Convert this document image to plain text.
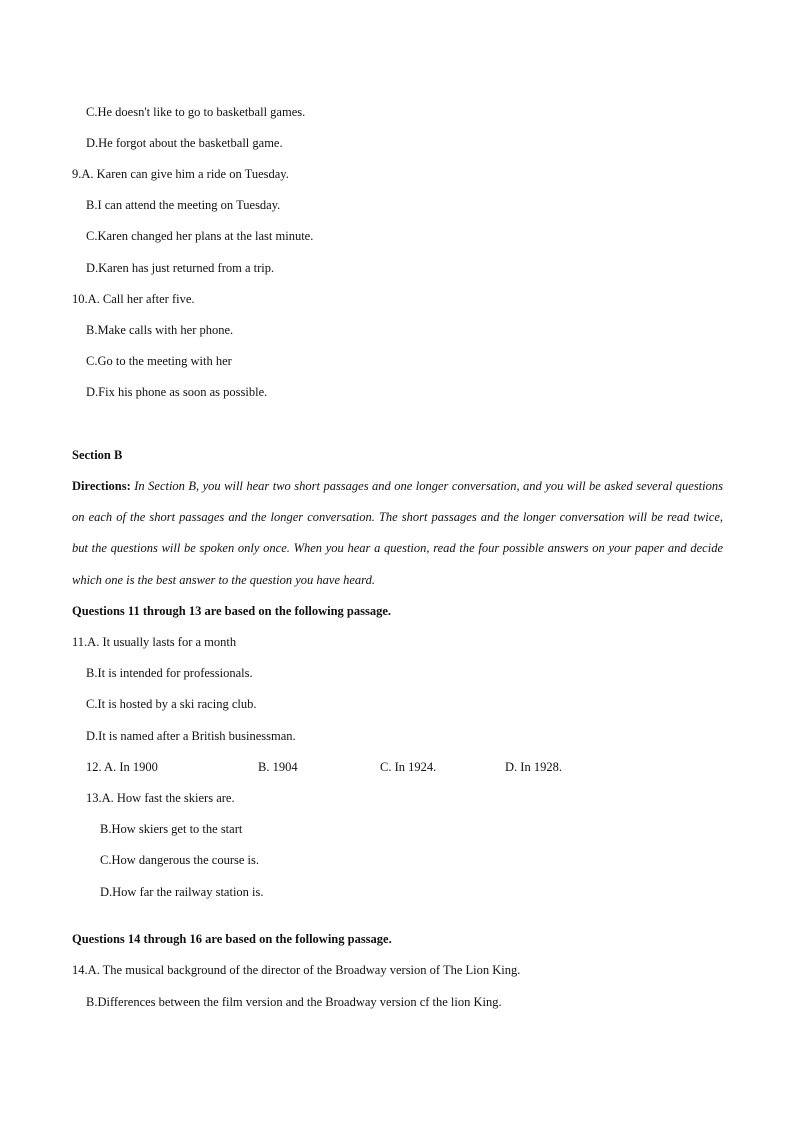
C.He doesn't like to go to basketball games.
D.He forgot about the basketball game.
9.A. Karen can give him a ride on Tuesday.
B.I can attend the meeting on Tuesday.
C.Karen changed her plans at the last minute.
D.Karen has just returned from a trip.
10.A. Call her after five.
B.Make calls with her phone.
C.Go to the meeting with her
D.Fix his phone as soon as possible.
Section B
Directions: In Section B, you will hear two short passages and one longer conversation, and you will be asked several questions on each of the short passages and the longer conversation. The short passages and the longer conversation will be read twice, but the questions will be spoken only once. When you hear a question, read the four possible answers on your paper and decide which one is the best answer to the question you have heard.
Questions 11 through 13 are based on the following passage.
11.A. It usually lasts for a month
B.It is intended for professionals.
C.It is hosted by a ski racing club.
D.It is named after a British businessman.
12. A. In 1900	B. 1904	C. In 1924.	D. In 1928.
13.A. How fast the skiers are.
B.How skiers get to the start
C.How dangerous the course is.
D.How far the railway station is.
Questions 14 through 16 are based on the following passage.
14.A. The musical background of the director of the Broadway version of The Lion King.
B.Differences between the film version and the Broadway version cf the lion King.
